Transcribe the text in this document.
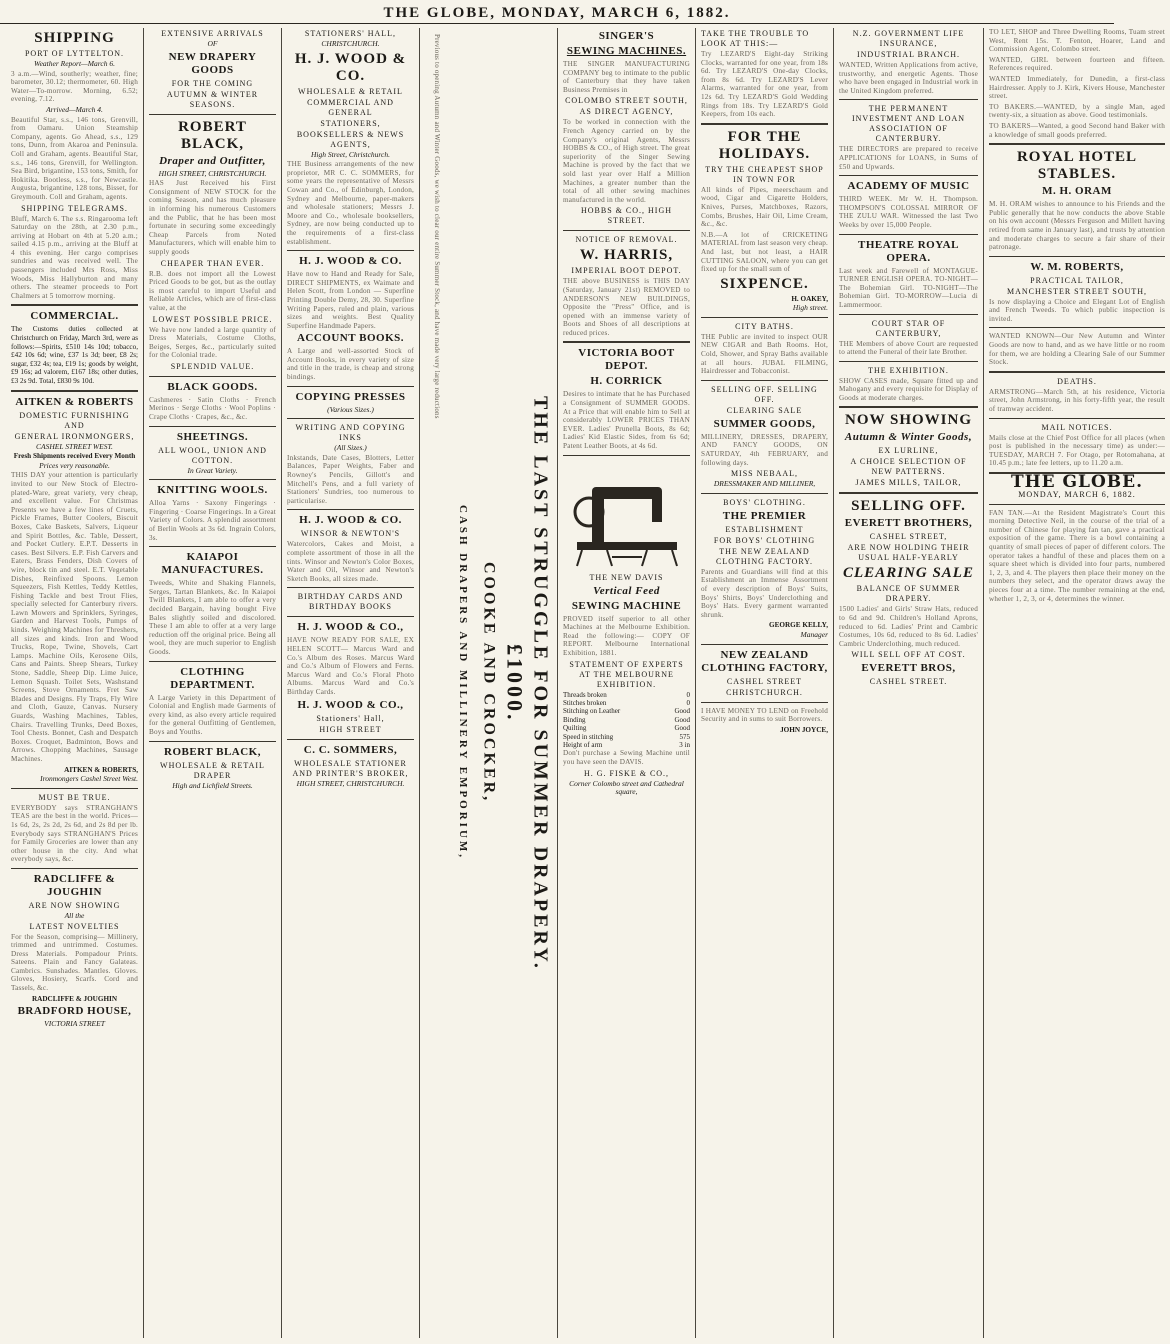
THE GLOBE, MONDAY, MARCH 6, 1882.
SHIPPING
PORT OF LYTTELTON.
Weather Report—March 6.

3 a.m.—Wind, southerly; weather, fine; barometer, 30.12; thermometer, 60. High Water—To-morrow. Morning, 6.52; evening, 7.12.

Arrived—March 4.

Beautiful Star, s.s., 146 tons, Grenvill, from Oamaru. Union Steamship Company, agents. Go Ahead, s.s., 129 tons, Dunn, from Akaroa and Peninsula. Coll and Graham, agents. Beautiful Star, s.s., 146 tons, Grenvill, for Wellington. Sea Bird, brigantine, 153 tons, Smith, for Hokitika. Bootless, s.s., for Newcastle. Augusta, brigantine, 128 tons, Bisset, for Greymouth. Coll and Graham, agents.

SHIPPING TELEGRAMS.

Bluff, March 6. The s.s. Ringarooma left Saturday on the 28th, at 2.30 p.m., arriving at Hobart on 4th at 5.20 a.m.; sailed 4.15 p.m., arriving at the Bluff at 4 this evening. Her cargo comprises sundries and was received well. The passengers included Mrs Ross, Miss Woods, Miss Hallyburton and many others. The steamer proceeds to Port Chalmers at 5 tomorrow morning.

COMMERCIAL.

The Customs duties collected at Christchurch on Friday, March 3rd, were as follows:—Spirits, £510 14s 10d; tobacco, £42 10s 6d; wine, £37 1s 3d; beer, £8 2s; sugar, £32 4s; tea, £19 1s; goods by weight, £9 16s; ad valorem, £167 18s; other duties, £3 2s 9d. Total, £830 9s 10d.

AITKEN & ROBERTS
DOMESTIC FURNISHING AND
GENERAL IRONMONGERS,
CASHEL STREET WEST.
Fresh Shipments received Every Month
Prices very reasonable.

THIS DAY your attention is particularly invited to our New Stock of Electro-plated-Ware, great variety, very cheap, and excellent value. For Christmas Presents we have a few lines of Cruets, Pickle Frames, Butter Coolers, Biscuit Boxes, Cake Baskets, Salvers, Liqueur and Spirit Bottles, &c. Table, Dessert, and Pocket Cutlery. E.P.T. Desserts in cases. Best Silvers. E.P. Fish Carvers and Eaters, Brass Fenders, Dish Covers of wire, block tin and steel. E.T. Vegetable Dishes, Reinfixed Spoons. Lemon Squeezers, Fish Kettles, Teddy Kettles, Fishing Tackle and best Trout Flies, specially selected for Canterbury rivers. Lawn Mowers and Sprinklers, Syringes, Garden and Harvest Tools, Pumps of kinds. Weighing Machines for Threshers, all sizes and kinds. Iron and Wood Trucks, Rope, Twine, Shovels, Cart Lamps. Machine Oils, Kerosene Oils, Cans and Paints. Sheep Shears, Turkey Stone, Saddle, Sheep Dip. Lime Juice, Lemon Squash. Toilet Sets, Washstand Screens, Stove Ornaments. Fret Saw Blades and Designs. Fly Traps, Fly Wire and Cloth, Gauze, Canvas. Nursery Guards, Washing Machines, Tables, Chairs. Travelling Trunks, Deed Boxes, Tool Chests. Bonnet, Cash and Despatch Boxes. Croquet, Badminton, Bows and Arrows. Chopping Machines, Sausage Machines.

AITKEN & ROBERTS,
Ironmongers Cashel Street West.
MUST BE TRUE.

EVERYBODY says STRANGHAN'S TEAS are the best in the world. Prices—1s 6d, 2s, 2s 2d, 2s 6d, and 2s 8d per lb. Everybody says STRANGHAN'S Prices for Family Groceries are lower than any other house in the city. And what everybody says, &c.

RADCLIFFE & JOUGHIN
ARE NOW SHOWING
All the
LATEST NOVELTIES

For the Season, comprising— Millinery, trimmed and untrimmed. Costumes. Dress Materials. Pompadour Prints. Sateens. Plain and Fancy Galateas. Cambrics. Sunshades. Mantles. Gloves. Gloves, Hosiery, Scarfs. Cord and Tassels, &c.

RADCLIFFE & JOUGHIN
BRADFORD HOUSE,
VICTORIA STREET
EXTENSIVE ARRIVALS
OF
NEW DRAPERY GOODS
FOR THE COMING
AUTUMN & WINTER SEASONS.
ROBERT BLACK,
Draper and Outfitter,
HIGH STREET, CHRISTCHURCH.

HAS Just Received his First Consignment of NEW STOCK for the coming Season, and has much pleasure in informing his numerous Customers and the Public, that he has been most fortunate in securing some exceedingly Cheap Parcels from Noted Manufacturers, which will enable him to supply goods

CHEAPER THAN EVER.

R.B. does not import all the Lowest Priced Goods to be got, but as the outlay is most careful to import Useful and Reliable Articles, which are of first-class value, at the

LOWEST POSSIBLE PRICE.

We have now landed a large quantity of Dress Materials, Costume Cloths, Beiges, Serges, &c., particularly suited for the Colonial trade.

SPLENDID VALUE.
BLACK GOODS.

Cashmeres · Satin Cloths · French Merinos · Serge Cloths · Wool Poplins · Crape Cloths · Crapes, &c., &c.

SHEETINGS.
ALL WOOL, UNION AND COTTON.
In Great Variety.
KNITTING WOOLS.

Alloa Yarns · Saxony Fingerings · Fingering · Coarse Fingerings. In a Great Variety of Colors. A splendid assortment of Berlin Wools at 3s 6d. Ingrain Colors, 3s.

KAIAPOI MANUFACTURES.

Tweeds, White and Shaking Flannels, Serges, Tartan Blankets, &c. In Kaiapoi Twill Blankets, I am able to offer a very decided Bargain, having bought Five Bales slightly soiled and discolored. These I am able to offer at a very large reduction off the original price. Being all wool, they are much superior to English Goods.

CLOTHING DEPARTMENT.

A Large Variety in this Department of Colonial and English made Garments of every kind, as also every article required for the general Outfitting of Gentlemen, Boys and Youths.

ROBERT BLACK,
WHOLESALE & RETAIL DRAPER
High and Lichfield Streets.
STATIONERS' HALL,
CHRISTCHURCH.
H. J. WOOD & CO.
WHOLESALE & RETAIL
COMMERCIAL AND GENERAL
STATIONERS,
BOOKSELLERS & NEWS AGENTS,
High Street, Christchurch.

THE Business arrangements of the new proprietor, MR C. C. SOMMERS, for some years the representative of Messrs Cowan and Co., of Edinburgh, London, Sydney and Melbourne, paper-makers and wholesale stationers; Messrs J. Moore and Co., wholesale booksellers, Sydney, are now being conducted up to the requirements of a first-class establishment.

H. J. WOOD & CO.

Have now to Hand and Ready for Sale, DIRECT SHIPMENTS, ex Waimate and Helen Scott, from London — Superfine Printing Double Demy, 28, 30. Superfine Writing Papers, ruled and plain, various sizes and weights. Best Quality Superfine Handmade Papers.

ACCOUNT BOOKS.

A Large and well-assorted Stock of Account Books, in every variety of size and title in the trade, is cheap and strong bindings.

COPYING PRESSES
(Various Sizes.)
WRITING AND COPYING INKS
(All Sizes.)

Inkstands, Date Cases, Blotters, Letter Balances, Paper Weights, Faber and Rowney's Pencils, Gillott's and Mitchell's Pens, and a full variety of Stationers' Sundries, too numerous to particularise.

H. J. WOOD & CO.
WINSOR & NEWTON'S

Watercolors, Cakes and Moist, a complete assortment of those in all the tints. Winsor and Newton's Color Boxes, Water and Oil, Winsor and Newton's Sketch Books, all sizes made.

BIRTHDAY CARDS AND BIRTHDAY BOOKS
H. J. WOOD & CO.,

HAVE NOW READY FOR SALE, EX HELEN SCOTT— Marcus Ward and Co.'s Album des Roses. Marcus Ward and Co.'s Album of Flowers and Ferns. Marcus Ward and Co.'s Floral Photo Albums. Marcus Ward and Co.'s Birthday Cards.

H. J. WOOD & CO.,
Stationers' Hall,
HIGH STREET
C. C. SOMMERS,
WHOLESALE STATIONER AND PRINTER'S BROKER,
HIGH STREET, CHRISTCHURCH.
Previous to opening Autumn and Winter Goods, we wish to clear our entire Summer Stock, and have made very large reductions
CASH DRAPERS AND MILLINERY EMPORIUM, COOKE AND CROCKER, £1000. THE LAST STRUGGLE FOR SUMMER DRAPERY.
SINGER'S
SEWING MACHINES.

THE SINGER MANUFACTURING COMPANY beg to intimate to the public of Canterbury that they have taken Business Premises in

COLOMBO STREET SOUTH,
AS DIRECT AGENCY,

To be worked in connection with the French Agency carried on by the Company's original Agents, Messrs HOBBS & CO., of High street. The great superiority of the Singer Sewing Machine is proved by the fact that we sold last year over Half a Million Machines, a greater number than the total of all other sewing machines manufactured in the world.

HOBBS & CO., HIGH STREET.
NOTICE OF REMOVAL.
W. HARRIS,
IMPERIAL BOOT DEPOT.

THE above BUSINESS is THIS DAY (Saturday, January 21st) REMOVED to ANDERSON'S NEW BUILDINGS, Opposite the "Press" Office, and is opened with an immense variety of Boots and Shoes of all descriptions at reduced prices.

VICTORIA BOOT DEPOT.
H. CORRICK

Desires to intimate that he has Purchased a Consignment of SUMMER GOODS. At a Price that will enable him to Sell at considerably LOWER PRICES THAN EVER. Ladies' Prunella Boots, 8s 6d; Ladies' Kid Elastic Sides, from 6s 6d; Patent Leather Boots, at 4s 6d.

THE NEW DAVIS
Vertical Feed
SEWING MACHINE

PROVED itself superior to all other Machines at the Melbourne Exhibition. Read the following:— COPY OF REPORT. Melbourne International Exhibition, 1881.

STATEMENT OF EXPERTS AT THE MELBOURNE EXHIBITION.
Threads broken	0
Stitches broken	0
Stitching on Leather	Good
Binding	Good
Quilting	Good
Speed in stitching	575
Height of arm	3 in

Don't purchase a Sewing Machine until you have seen the DAVIS.

H. G. FISKE & CO.,
Corner Colombo street and Cathedral square,
TAKE THE TROUBLE TO LOOK AT THIS:—

Try LEZARD'S Eight-day Striking Clocks, warranted for one year, from 18s 6d. Try LEZARD'S One-day Clocks, from 8s 6d. Try LEZARD'S Lever Alarms, warranted for one year, from 12s 6d. Try LEZARD'S Gold Wedding Rings from 18s. Try LEZARD'S Gold Keepers, from 10s each.

FOR THE HOLIDAYS.
TRY THE CHEAPEST SHOP IN TOWN FOR

All kinds of Pipes, meerschaum and wood, Cigar and Cigarette Holders, Knives, Purses, Matchboxes, Razors, Combs, Brushes, Hair Oil, Lime Cream, &c., &c.

N.B.—A lot of CRICKETING MATERIAL from last season very cheap. And last, but not least, a HAIR CUTTING SALOON, where you can get fixed up for the small sum of

SIXPENCE.
H. OAKEY,
High street.
CITY BATHS.

THE Public are invited to inspect OUR NEW CIGAR and Bath Rooms. Hot, Cold, Shower, and Spray Baths available at all hours. JUBAL FILMING, Hairdresser and Tobacconist.

SELLING OFF. SELLING OFF.
CLEARING SALE
SUMMER GOODS,

MILLINERY, DRESSES, DRAPERY, AND FANCY GOODS, ON SATURDAY, 4th FEBRUARY, and following days.

MISS NEBAAL,
DRESSMAKER AND MILLINER,
BOYS' CLOTHING.
THE PREMIER
ESTABLISHMENT
FOR BOYS' CLOTHING
THE NEW ZEALAND CLOTHING FACTORY.

Parents and Guardians will find at this Establishment an Immense Assortment of every description of Boys' Suits, Boys' Shirts, Boys' Underclothing and Boys' Hats. Every garment warranted shrunk.

GEORGE KELLY,
Manager
NEW ZEALAND CLOTHING FACTORY,
CASHEL STREET
CHRISTCHURCH.

I HAVE MONEY TO LEND on Freehold Security and in sums to suit Borrowers.

JOHN JOYCE,
N.Z. GOVERNMENT LIFE INSURANCE,
INDUSTRIAL BRANCH.

WANTED, Written Applications from active, trustworthy, and energetic Agents. Those who have been engaged in Industrial work in the United Kingdom preferred.

THE PERMANENT INVESTMENT AND LOAN ASSOCIATION OF CANTERBURY.

THE DIRECTORS are prepared to receive APPLICATIONS for LOANS, in Sums of £50 and Upwards.

ACADEMY OF MUSIC

THIRD WEEK. Mr W. H. Thompson. THOMPSON'S COLOSSAL MIRROR OF THE ZULU WAR. Witnessed the last Two Weeks by over 15,000 People.

THEATRE ROYAL OPERA.

Last week and Farewell of MONTAGUE-TURNER ENGLISH OPERA. TO-NIGHT—The Bohemian Girl. TO-NIGHT—The Bohemian Girl. TO-MORROW—Lucia di Lammermoor.

COURT STAR OF CANTERBURY,

THE Members of above Court are requested to attend the Funeral of their late Brother.

THE EXHIBITION.

SHOW CASES made, Square fitted up and Mahogany and every requisite for Display of Goods at moderate charges.

NOW SHOWING
Autumn & Winter Goods,
EX LURLINE,
A CHOICE SELECTION OF NEW PATTERNS.
JAMES MILLS, TAILOR,
SELLING OFF.
EVERETT BROTHERS,
CASHEL STREET,
ARE NOW HOLDING THEIR USUAL HALF-YEARLY
CLEARING SALE
BALANCE OF SUMMER DRAPERY.

1500 Ladies' and Girls' Straw Hats, reduced to 6d and 9d. Children's Holland Aprons, reduced to 6d. Ladies' Print and Cambric Costumes, 10s 6d, reduced to 8s 6d. Ladies' Cambric Underclothing, much reduced.

WILL SELL OFF AT COST.
EVERETT BROS,
CASHEL STREET.

TO LET, SHOP and Three Dwelling Rooms, Tuam street West, Rent 15s. T. Fenton, Hoarer, Land and Commission Agent, Colombo street.

WANTED, GIRL between fourteen and fifteen. References required.

WANTED Immediately, for Dunedin, a first-class Hairdresser. Apply to J. Kirk, Kivers House, Manchester street.

TO BAKERS.—WANTED, by a single Man, aged twenty-six, a situation as above. Good testimonials.

TO BAKERS—Wanted, a good Second hand Baker with a knowledge of small goods preferred.

ROYAL HOTEL STABLES.
M. H. ORAM

M. H. ORAM wishes to announce to his Friends and the Public generally that he now conducts the above Stable on his own account (Messrs Ferguson and Millett having retired from same in January last), and trusts by attention and moderate charges to secure a fair share of their patronage.

W. M. ROBERTS,
PRACTICAL TAILOR,
MANCHESTER STREET SOUTH,

Is now displaying a Choice and Elegant Lot of English and French Tweeds. To which public inspection is invited.

WANTED KNOWN—Our New Autumn and Winter Goods are now to hand, and as we have little or no room for them, we are holding a Clearing Sale of our Summer Stock.

DEATHS.

ARMSTRONG—March 5th, at his residence, Victoria street, John Armstrong, in his forty-fifth year, the result of tramway accident.

MAIL NOTICES.

Mails close at the Chief Post Office for all places (when post is published in the necessary time) as under:— TUESDAY, MARCH 7. For Otago, per Rotomahana, at 10.45 p.m.; late fee letters, up to 11.20 a.m.

THE GLOBE.
MONDAY, MARCH 6, 1882.

FAN TAN.—At the Resident Magistrate's Court this morning Detective Neil, in the course of the trial of a number of Chinese for playing fan tan, gave a practical exposition of the game. There is a bowl containing a quantity of small pieces of paper of different colors. The operator takes a handful of these and places them on a square sheet which is divided into four parts, numbered 1, 2, 3, and 4. The players then place their money on the numbers they select, and the operator draws away the pieces four at a time. The number remaining at the end, whether 1, 2, 3, or 4, determines the winner.
